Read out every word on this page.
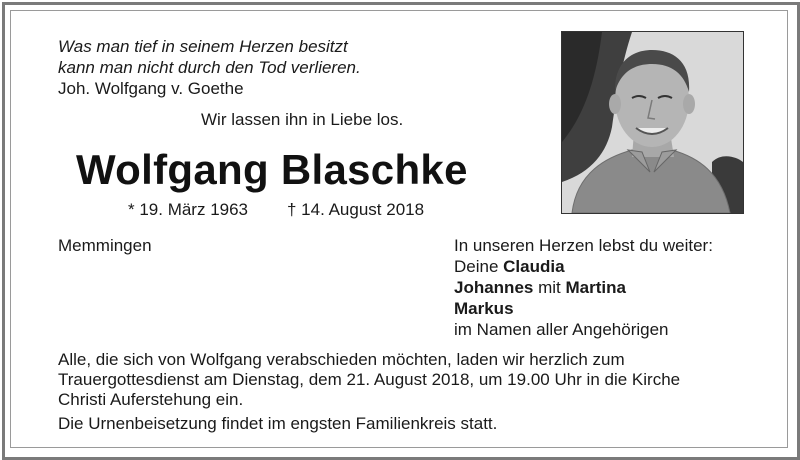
Was man tief in seinem Herzen besitzt
kann man nicht durch den Tod verlieren.
Joh. Wolfgang v. Goethe
Wir lassen ihn in Liebe los.
Wolfgang Blaschke
* 19. März 1963 † 14. August 2018
Memmingen	In unseren Herzen lebst du weiter:
Deine Claudia
Johannes mit Martina
Markus
im Namen aller Angehörigen
Alle, die sich von Wolfgang verabschieden möchten, laden wir herzlich zum
Trauergottesdienst am Dienstag, dem 21. August 2018, um 19.00 Uhr in die Kirche
Christi Auferstehung ein.
Die Urnenbeisetzung findet im engsten Familienkreis statt.
